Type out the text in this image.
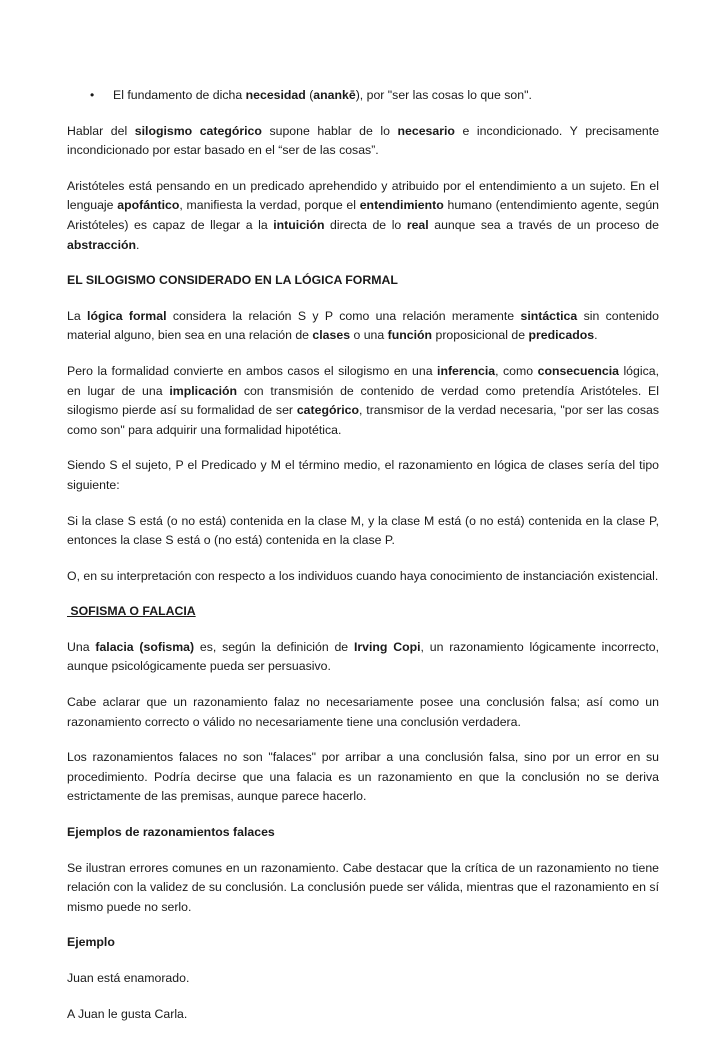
•	El fundamento de dicha necesidad (anankē), por "ser las cosas lo que son".

Hablar del silogismo categórico supone hablar de lo necesario e incondicionado. Y precisamente incondicionado por estar basado en el “ser de las cosas”.

Aristóteles está pensando en un predicado aprehendido y atribuido por el entendimiento a un sujeto. En el lenguaje apofántico, manifiesta la verdad, porque el entendimiento humano (entendimiento agente, según Aristóteles) es capaz de llegar a la intuición directa de lo real aunque sea a través de un proceso de abstracción.

EL SILOGISMO CONSIDERADO EN LA LÓGICA FORMAL

La lógica formal considera la relación S y P como una relación meramente sintáctica sin contenido material alguno, bien sea en una relación de clases o una función proposicional de predicados.

Pero la formalidad convierte en ambos casos el silogismo en una inferencia, como consecuencia lógica, en lugar de una implicación con transmisión de contenido de verdad como pretendía Aristóteles. El silogismo pierde así su formalidad de ser categórico, transmisor de la verdad necesaria, "por ser las cosas como son" para adquirir una formalidad hipotética.

Siendo S el sujeto, P el Predicado y M el término medio, el razonamiento en lógica de clases sería del tipo siguiente:

Si la clase S está (o no está) contenida en la clase M, y la clase M está (o no está) contenida en la clase P, entonces la clase S está o (no está) contenida en la clase P.

O, en su interpretación con respecto a los individuos cuando haya conocimiento de instanciación existencial.

SOFISMA O FALACIA

Una falacia (sofisma) es, según la definición de Irving Copi, un razonamiento lógicamente incorrecto, aunque psicológicamente pueda ser persuasivo.

Cabe aclarar que un razonamiento falaz no necesariamente posee una conclusión falsa; así como un razonamiento correcto o válido no necesariamente tiene una conclusión verdadera.

Los razonamientos falaces no son "falaces" por arribar a una conclusión falsa, sino por un error en su procedimiento. Podría decirse que una falacia es un razonamiento en que la conclusión no se deriva estrictamente de las premisas, aunque parece hacerlo.

Ejemplos de razonamientos falaces

Se ilustran errores comunes en un razonamiento. Cabe destacar que la crítica de un razonamiento no tiene relación con la validez de su conclusión. La conclusión puede ser válida, mientras que el razonamiento en sí mismo puede no serlo.

Ejemplo

Juan está enamorado.

A Juan le gusta Carla.
